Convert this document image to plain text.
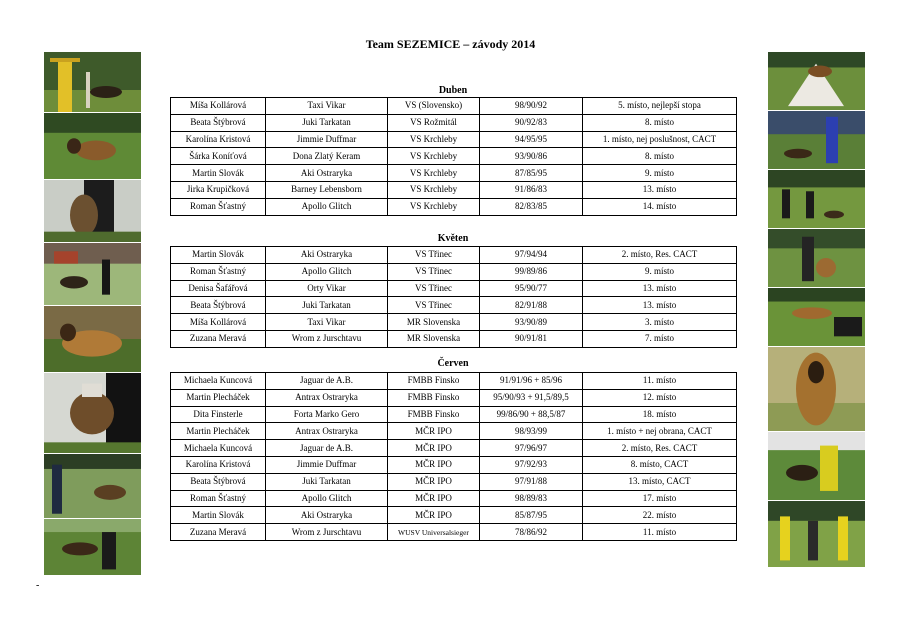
Team SEZEMICE – závody 2014
Duben
Míša Kollárová	Taxi Vikar	VS (Slovensko)	98/90/92	5. místo, nejlepší stopa
Beata Štýbrová	Juki Tarkatan	VS Rožmitál	90/92/83	8. místo
Karolína Kristová	Jimmie Duffmar	VS Krchleby	94/95/95	1. místo, nej poslušnost, CACT
Šárka Koníťová	Dona Zlatý Keram	VS Krchleby	93/90/86	8. místo
Martin Slovák	Aki Ostraryka	VS Krchleby	87/85/95	9. místo
Jirka Krupičková	Barney Lebensborn	VS Krchleby	91/86/83	13. místo
Roman Šťastný	Apollo Glitch	VS Krchleby	82/83/85	14. místo
Květen
Martin Slovák	Aki Ostraryka	VS Třinec	97/94/94	2. místo, Res. CACT
Roman Šťastný	Apollo Glitch	VS Třinec	99/89/86	9. místo
Denisa Šafářová	Orty Vikar	VS Třinec	95/90/77	13. místo
Beata Štýbrová	Juki Tarkatan	VS Třinec	82/91/88	13. místo
Míša Kollárová	Taxi Vikar	MR Slovenska	93/90/89	3. místo
Zuzana Meravá	Wrom z Jurschtavu	MR Slovenska	90/91/81	7. místo
Červen
Michaela Kuncová	Jaguar de A.B.	FMBB Finsko	91/91/96 + 85/96	11. místo
Martin Plecháček	Antrax Ostraryka	FMBB Finsko	95/90/93 + 91,5/89,5	12. místo
Dita Finsterle	Forta Marko Gero	FMBB Finsko	99/86/90 + 88,5/87	18. místo
Martin Plecháček	Antrax Ostraryka	MČR IPO	98/93/99	1. místo + nej obrana, CACT
Michaela Kuncová	Jaguar de A.B.	MČR IPO	97/96/97	2. místo, Res. CACT
Karolína Kristová	Jimmie Duffmar	MČR IPO	97/92/93	8. místo, CACT
Beata Štýbrová	Juki Tarkatan	MČR IPO	97/91/88	13. místo, CACT
Roman Šťastný	Apollo Glitch	MČR IPO	98/89/83	17. místo
Martin Slovák	Aki Ostraryka	MČR IPO	85/87/95	22. místo
Zuzana Meravá	Wrom z Jurschtavu	WUSV Universalsieger	78/86/92	11. místo
-
